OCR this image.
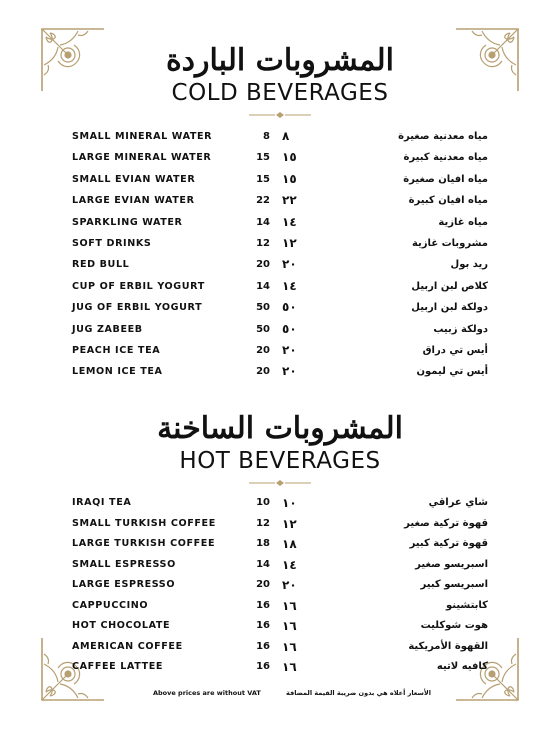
المشروبات الباردة
COLD BEVERAGES
SMALL MINERAL WATER	8 ٨	مياه معدنية صغيرة
LARGE MINERAL WATER	15 ١٥	مياه معدنية كبيرة
SMALL EVIAN WATER	15 ١٥	مياه افيان صغيرة
LARGE EVIAN WATER	22 ٢٢	مياه افيان كبيرة
SPARKLING WATER	14 ١٤	مياه غازية
SOFT DRINKS	12 ١٢	مشروبات غازية
RED BULL	20 ٢٠	ريد بول
CUP OF ERBIL YOGURT	14 ١٤	كلاص لبن اربيل
JUG OF ERBIL YOGURT	50 ٥٠	دولكة لبن اربيل
JUG ZABEEB	50 ٥٠	دولكة زبيب
PEACH ICE TEA	20 ٢٠	أيس تي دراق
LEMON ICE TEA	20 ٢٠	أيس تي ليمون
المشروبات الساخنة
HOT BEVERAGES
IRAQI TEA	10 ١٠	شاي عراقي
SMALL TURKISH COFFEE	12 ١٢	قهوة تركية صغير
LARGE TURKISH COFFEE	18 ١٨	قهوة تركية كبير
SMALL ESPRESSO	14 ١٤	اسبريسو صغير
LARGE ESPRESSO	20 ٢٠	اسبريسو كبير
CAPPUCCINO	16 ١٦	كابتشينو
HOT CHOCOLATE	16 ١٦	هوت شوكليت
AMERICAN COFFEE	16 ١٦	القهوة الأمريكية
CAFFEE LATTEE	16 ١٦	كافيه لاتيه
Above prices are without VAT	الأسعار أعلاه هي بدون ضريبة القيمة المضافة
